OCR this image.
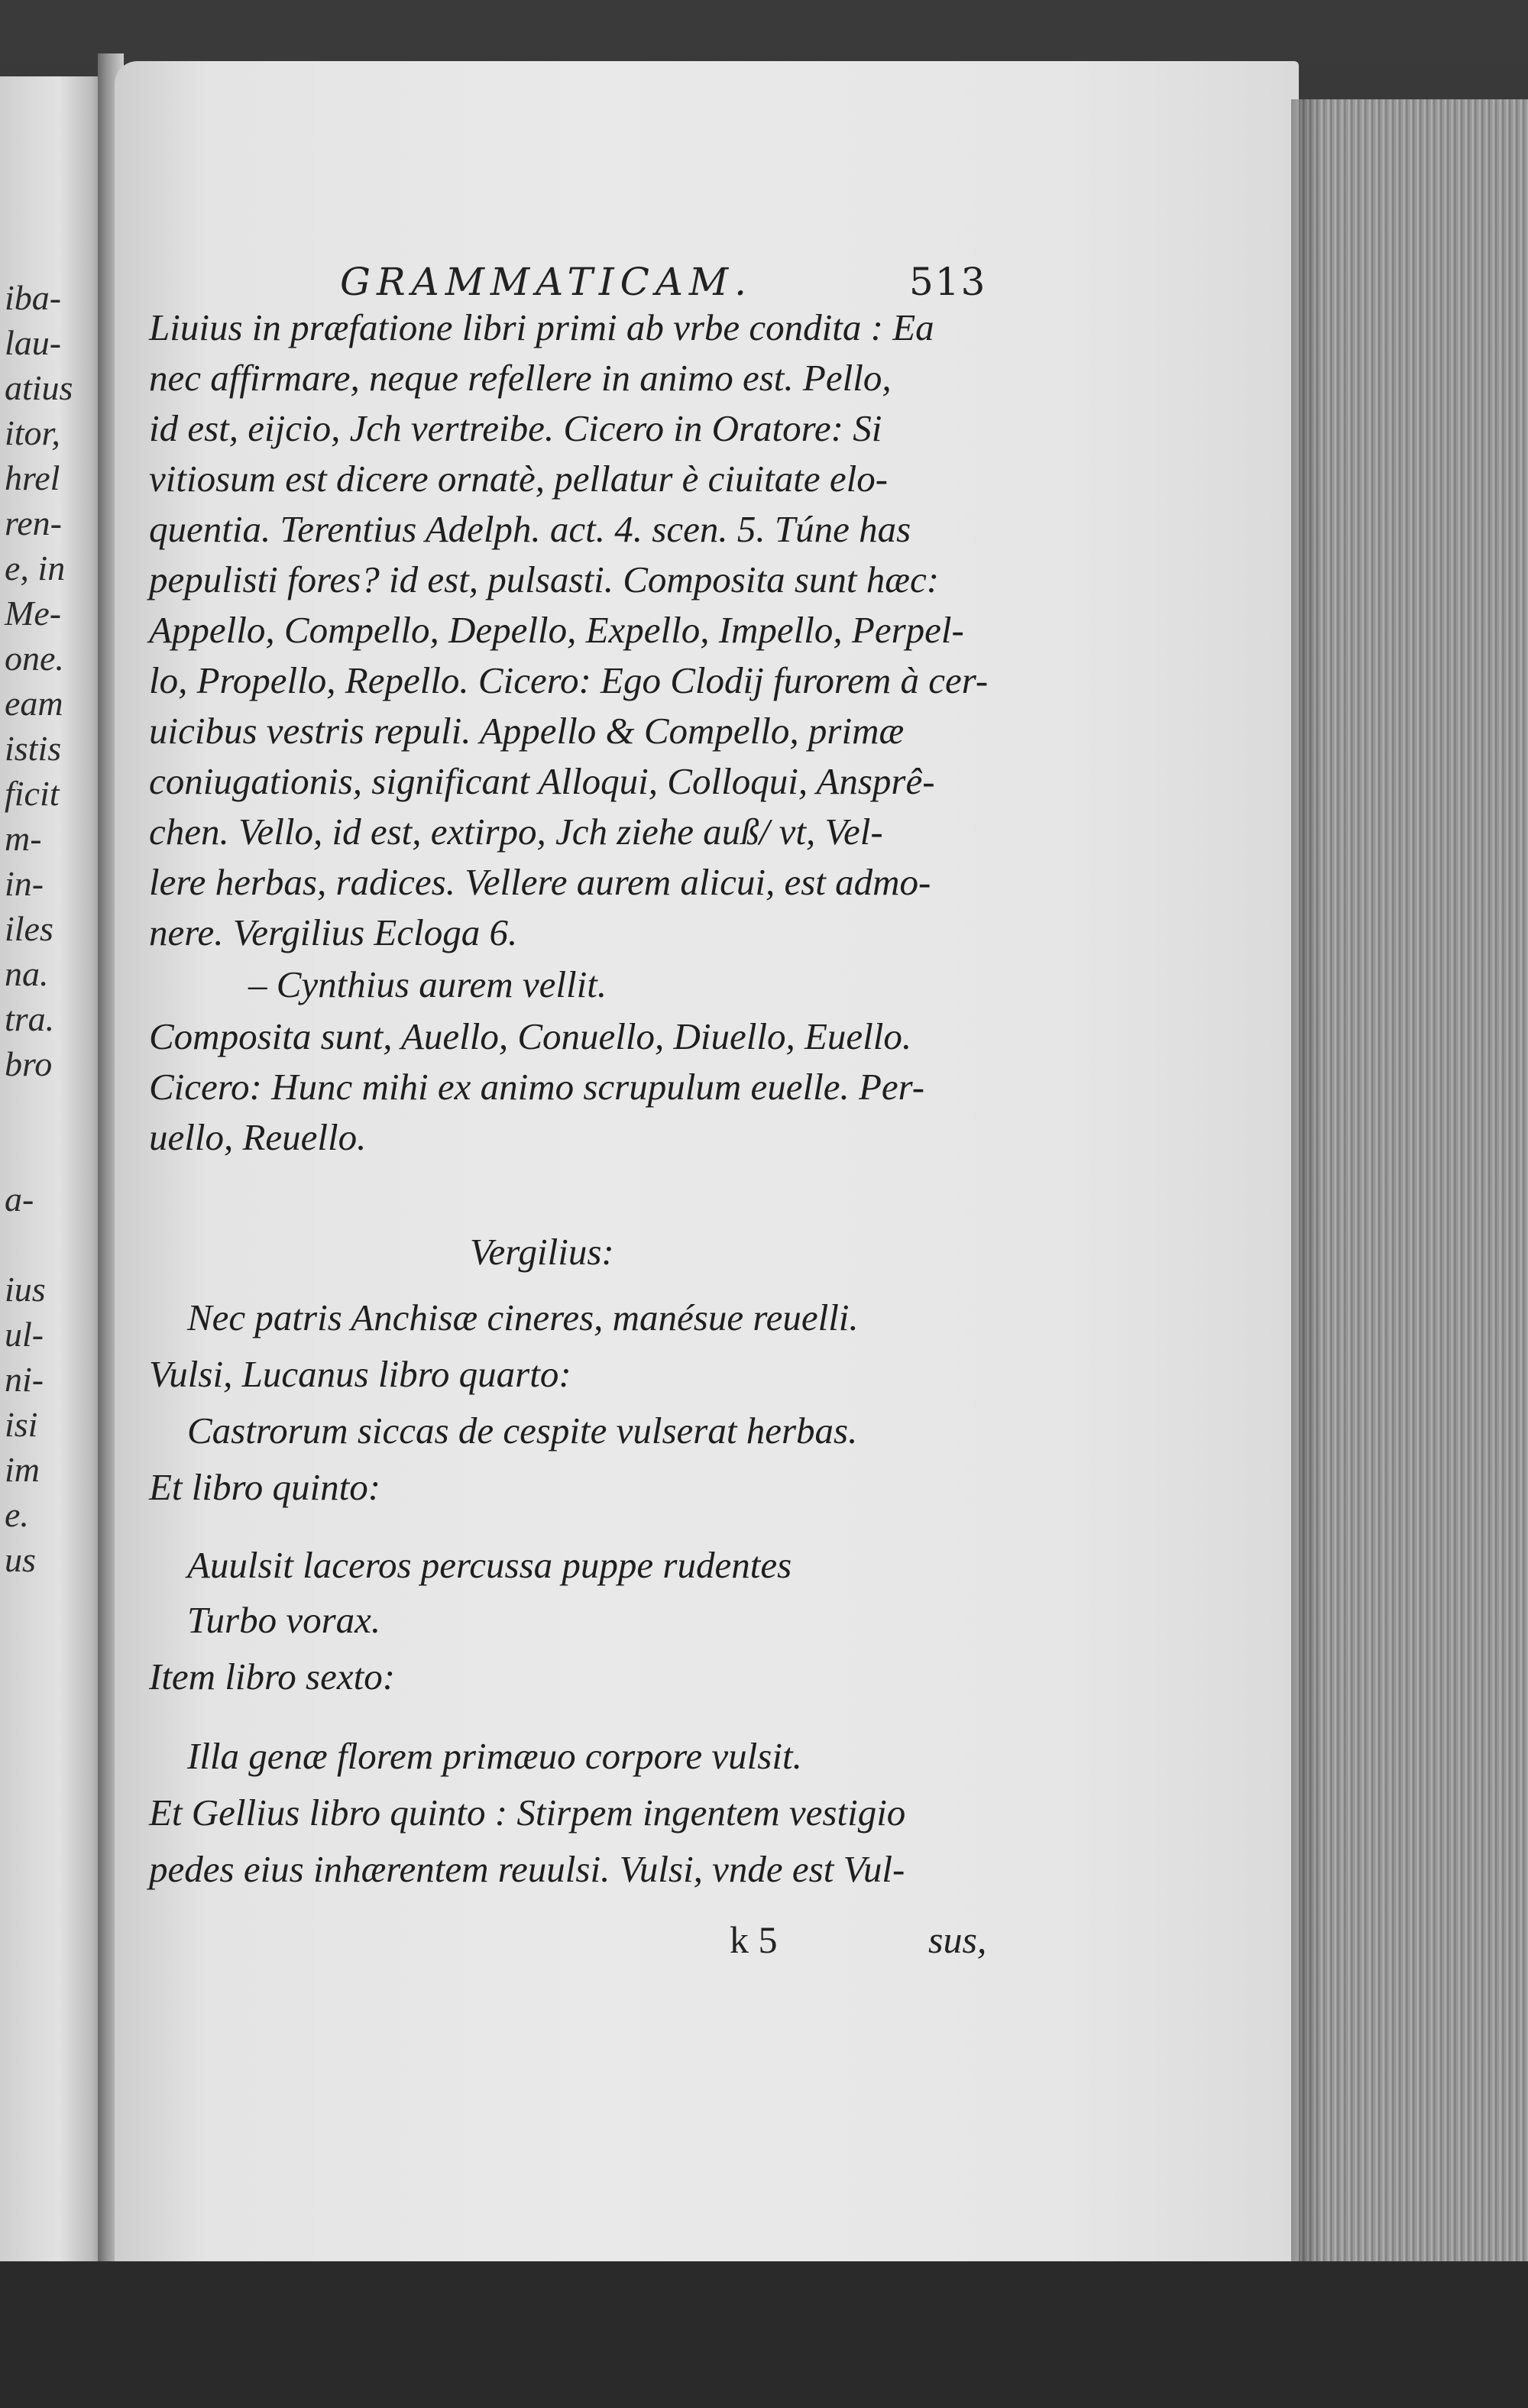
iba-
lau-
atius
itor,
hrel
ren-
e, in
Me-
one.
eam
istis
ficit
m-
in-
iles
na.
tra.
bro

a-

ius
ul-
ni-
isi
im
e.
us
GRAMMATICAM.	513
Liuius in præfatione libri primi ab vrbe condita : Ea
nec affirmare, neque refellere in animo est. Pello,
id est, eijcio, Jch vertreibe. Cicero in Oratore: Si
vitiosum est dicere ornatè, pellatur è ciuitate elo-
quentia. Terentius Adelph. act. 4. scen. 5. Túne has
pepulisti fores? id est, pulsasti. Composita sunt hæc:
Appello, Compello, Depello, Expello, Impello, Perpel-
lo, Propello, Repello. Cicero: Ego Clodij furorem à cer-
uicibus vestris repuli. Appello & Compello, primæ
coniugationis, significant Alloqui, Colloqui, Ansprê-
chen. Vello, id est, extirpo, Jch ziehe auß/ vt, Vel-
lere herbas, radices. Vellere aurem alicui, est admo-
nere. Vergilius Ecloga 6.
– Cynthius aurem vellit.
Composita sunt, Auello, Conuello, Diuello, Euello.
Cicero: Hunc mihi ex animo scrupulum euelle. Per-
uello, Reuello.
Vergilius:
Nec patris Anchisæ cineres, manésue reuelli.
Vulsi, Lucanus libro quarto:
Castrorum siccas de cespite vulserat herbas.
Et libro quinto:
Auulsit laceros percussa puppe rudentes
Turbo vorax.
Item libro sexto:
Illa genæ florem primæuo corpore vulsit.
Et Gellius libro quinto : Stirpem ingentem vestigio
pedes eius inhærentem reuulsi. Vulsi, vnde est Vul-
k 5	sus,
